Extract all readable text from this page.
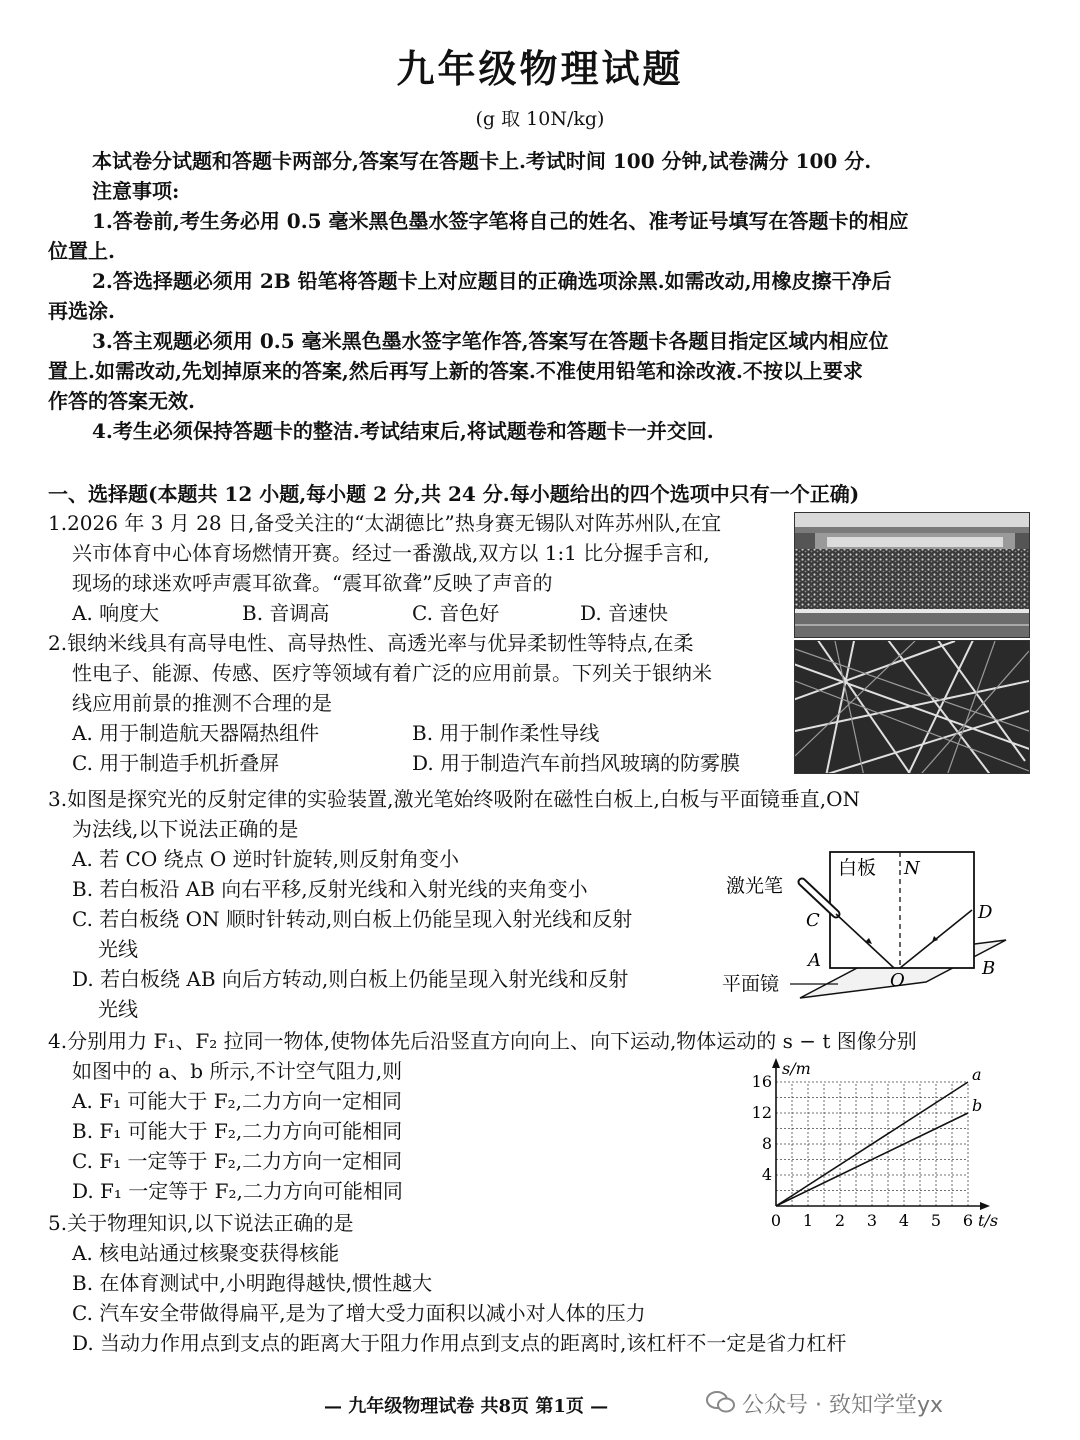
九年级物理试题
(g 取 10N/kg)
本试卷分试题和答题卡两部分,答案写在答题卡上.考试时间 100 分钟,试卷满分 100 分.
注意事项:
1.答卷前,考生务必用 0.5 毫米黑色墨水签字笔将自己的姓名、准考证号填写在答题卡的相应
位置上.
2.答选择题必须用 2B 铅笔将答题卡上对应题目的正确选项涂黑.如需改动,用橡皮擦干净后
再选涂.
3.答主观题必须用 0.5 毫米黑色墨水签字笔作答,答案写在答题卡各题目指定区域内相应位
置上.如需改动,先划掉原来的答案,然后再写上新的答案.不准使用铅笔和涂改液.不按以上要求
作答的答案无效.
4.考生必须保持答题卡的整洁.考试结束后,将试题卷和答题卡一并交回.
一、选择题(本题共 12 小题,每小题 2 分,共 24 分.每小题给出的四个选项中只有一个正确)
1.2026 年 3 月 28 日,备受关注的“太湖德比”热身赛无锡队对阵苏州队,在宜
兴市体育中心体育场燃情开赛。经过一番激战,双方以 1:1 比分握手言和,
现场的球迷欢呼声震耳欲聋。“震耳欲聋”反映了声音的
A. 响度大	B. 音调高	C. 音色好	D. 音速快
2.银纳米线具有高导电性、高导热性、高透光率与优异柔韧性等特点,在柔
性电子、能源、传感、医疗等领域有着广泛的应用前景。下列关于银纳米
线应用前景的推测不合理的是
A. 用于制造航天器隔热组件	B. 用于制作柔性导线
C. 用于制造手机折叠屏	D. 用于制造汽车前挡风玻璃的防雾膜
3.如图是探究光的反射定律的实验装置,激光笔始终吸附在磁性白板上,白板与平面镜垂直,ON
为法线,以下说法正确的是
A. 若 CO 绕点 O 逆时针旋转,则反射角变小
B. 若白板沿 AB 向右平移,反射光线和入射光线的夹角变小
C. 若白板绕 ON 顺时针转动,则白板上仍能呈现入射光线和反射
光线
D. 若白板绕 AB 向后方转动,则白板上仍能呈现入射光线和反射
光线
白板 N
激光笔
C	D
A	B
O
平面镜
4.分别用力 F₁、F₂ 拉同一物体,使物体先后沿竖直方向向上、向下运动,物体运动的 s − t 图像分别
如图中的 a、b 所示,不计空气阻力,则
A. F₁ 可能大于 F₂,二力方向一定相同
B. F₁ 可能大于 F₂,二力方向可能相同
C. F₁ 一定等于 F₂,二力方向一定相同
D. F₁ 一定等于 F₂,二力方向可能相同
0 1 2 3 4 5 6
4
8
12
16	a
b
s/m
t/s
5.关于物理知识,以下说法正确的是
A. 核电站通过核聚变获得核能
B. 在体育测试中,小明跑得越快,惯性越大
C. 汽车安全带做得扁平,是为了增大受力面积以减小对人体的压力
D. 当动力作用点到支点的距离大于阻力作用点到支点的距离时,该杠杆不一定是省力杠杆
— 九年级物理试卷 共8页 第1页 —	公众号 · 致知学堂yx
